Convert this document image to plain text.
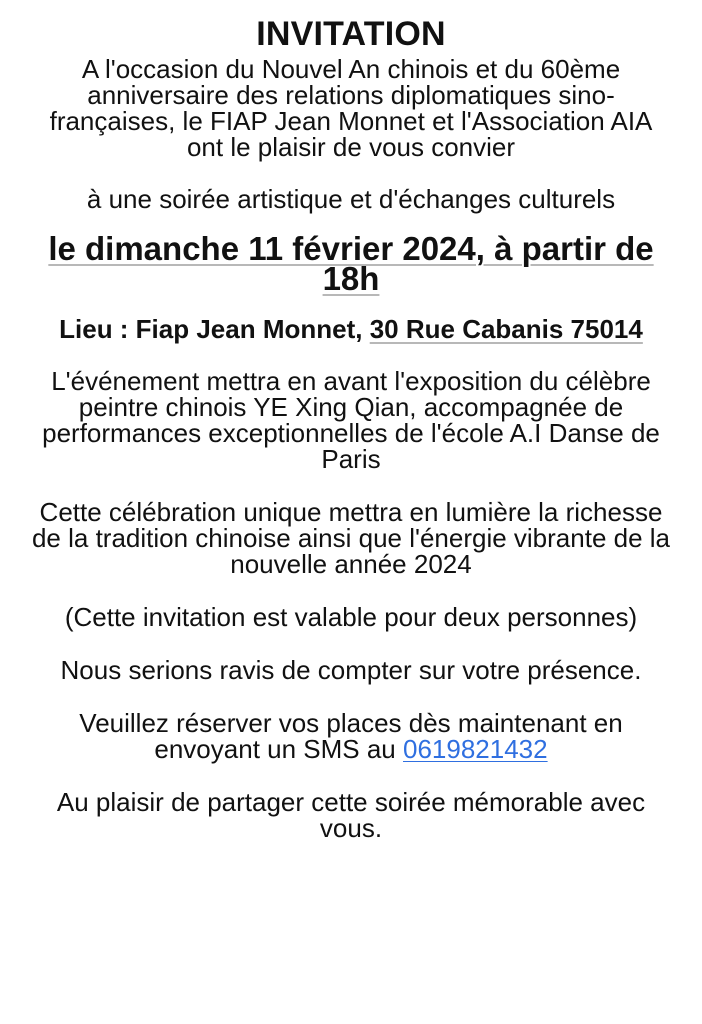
INVITATION

A l'occasion du Nouvel An chinois et du 60ème anniversaire des relations diplomatiques sino-françaises, le FIAP Jean Monnet et l'Association AIA ont le plaisir de vous convier

à une soirée artistique et d'échanges culturels

le dimanche 11 février 2024, à partir de 18h

Lieu : Fiap Jean Monnet, 30 Rue Cabanis 75014

L'événement mettra en avant l'exposition du célèbre peintre chinois YE Xing Qian, accompagnée de performances exceptionnelles de l'école A.I Danse de Paris

Cette célébration unique mettra en lumière la richesse de la tradition chinoise ainsi que l'énergie vibrante de la nouvelle année 2024

(Cette invitation est valable pour deux personnes)

Nous serions ravis de compter sur votre présence.

Veuillez réserver vos places dès maintenant en envoyant un SMS au 0619821432

Au plaisir de partager cette soirée mémorable avec vous.
